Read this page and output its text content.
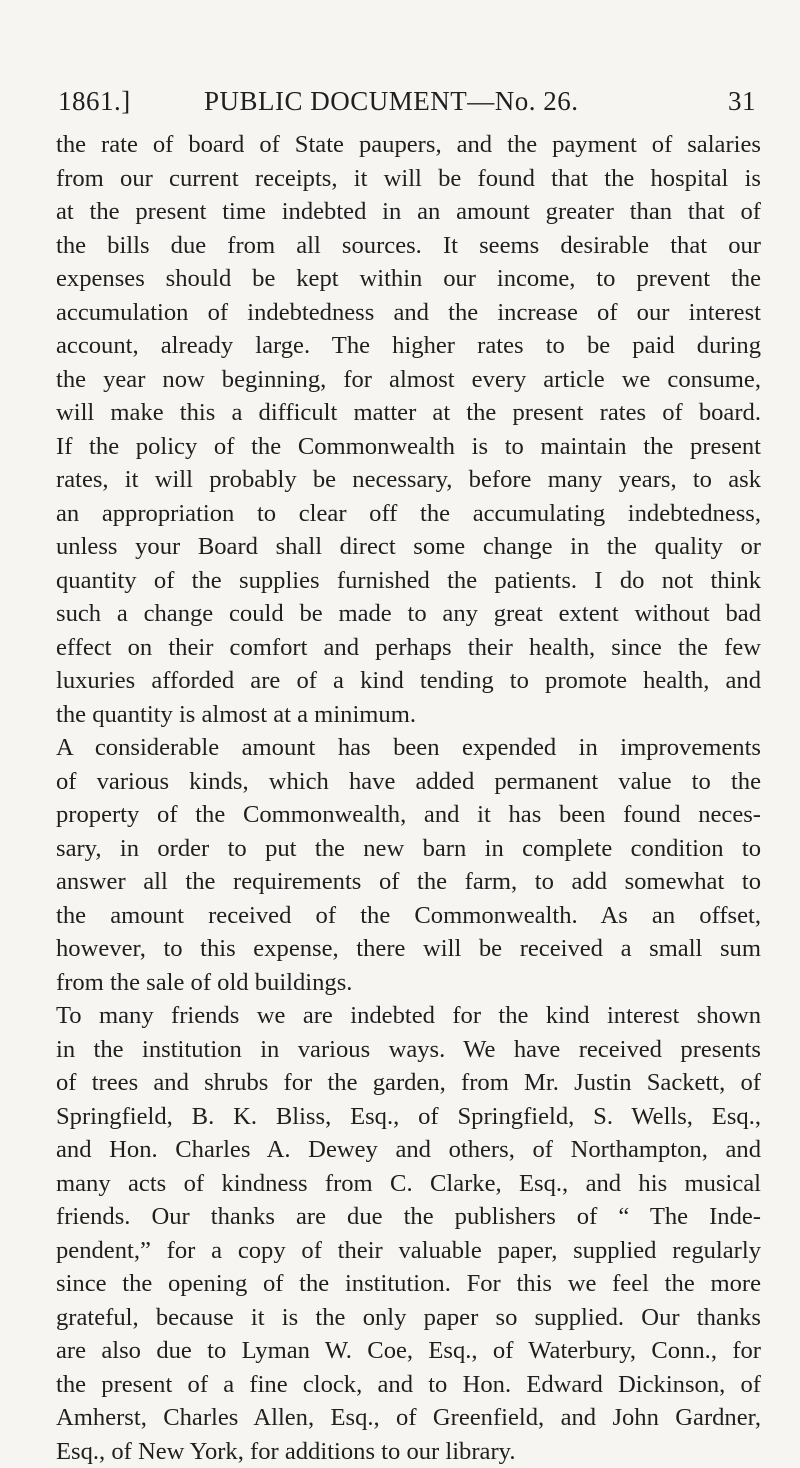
1861.]	PUBLIC DOCUMENT—No. 26.	31

the rate of board of State paupers, and the payment of salaries
from our current receipts, it will be found that the hospital is
at the present time indebted in an amount greater than that of
the bills due from all sources. It seems desirable that our
expenses should be kept within our income, to prevent the
accumulation of indebtedness and the increase of our interest
account, already large. The higher rates to be paid during
the year now beginning, for almost every article we consume,
will make this a difficult matter at the present rates of board.
If the policy of the Commonwealth is to maintain the present
rates, it will probably be necessary, before many years, to ask
an appropriation to clear off the accumulating indebtedness,
unless your Board shall direct some change in the quality or
quantity of the supplies furnished the patients. I do not think
such a change could be made to any great extent without bad
effect on their comfort and perhaps their health, since the few
luxuries afforded are of a kind tending to promote health, and
the quantity is almost at a minimum.

A considerable amount has been expended in improvements
of various kinds, which have added permanent value to the
property of the Commonwealth, and it has been found neces-
sary, in order to put the new barn in complete condition to
answer all the requirements of the farm, to add somewhat to
the amount received of the Commonwealth. As an offset,
however, to this expense, there will be received a small sum
from the sale of old buildings.

To many friends we are indebted for the kind interest shown
in the institution in various ways. We have received presents
of trees and shrubs for the garden, from Mr. Justin Sackett, of
Springfield, B. K. Bliss, Esq., of Springfield, S. Wells, Esq.,
and Hon. Charles A. Dewey and others, of Northampton, and
many acts of kindness from C. Clarke, Esq., and his musical
friends. Our thanks are due the publishers of “ The Inde-
pendent,” for a copy of their valuable paper, supplied regularly
since the opening of the institution. For this we feel the more
grateful, because it is the only paper so supplied. Our thanks
are also due to Lyman W. Coe, Esq., of Waterbury, Conn., for
the present of a fine clock, and to Hon. Edward Dickinson, of
Amherst, Charles Allen, Esq., of Greenfield, and John Gardner,
Esq., of New York, for additions to our library.
